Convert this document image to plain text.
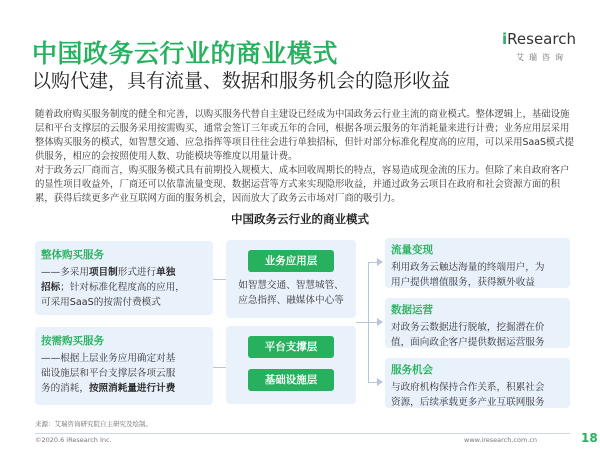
中国政务云行业的商业模式
以购代建，具有流量、数据和服务机会的隐形收益
iResearch
艾瑞咨询

随着政府购买服务制度的健全和完善，以购买服务代替自主建设已经成为中国政务云行业主流的商业模式。整体逻辑上，基础设施层和平台支撑层的云服务采用按需购买，通常会签订三年或五年的合同，根据各项云服务的年消耗量来进行计费；业务应用层采用整体购买服务的模式，如智慧交通、应急指挥等项目往往会进行单独招标，但针对部分标准化程度高的应用，可以采用SaaS模式提供服务，相应的会按照使用人数、功能模块等维度以用量计费。

对于政务云厂商而言，购买服务模式具有前期投入规模大、成本回收周期长的特点，容易造成现金流的压力。但除了来自政府客户的显性项目收益外，厂商还可以依靠流量变现、数据运营等方式来实现隐形收益，并通过政务云项目在政府和社会资源方面的积累，获得后续更多产业互联网方面的服务机会，因而放大了政务云市场对厂商的吸引力。

中国政务云行业的商业模式
整体购买服务
——多采用项目制形式进行单独
招标；针对标准化程度高的应用，
可采用SaaS的按需付费模式
按需购买服务
——根据上层业务应用确定对基
础设施层和平台支撑层各项云服
务的消耗，按照消耗量进行计费
业务应用层
如智慧交通、智慧城管、
应急指挥、融媒体中心等
平台支撑层
基础设施层
流量变现
利用政务云触达海量的终端用户，为
用户提供增值服务，获得额外收益
数据运营
对政务云数据进行脱敏，挖掘潜在价
值，面向政企客户提供数据运营服务
服务机会
与政府机构保持合作关系，积累社会
资源，后续承载更多产业互联网服务
来源：艾瑞咨询研究院自主研究及绘制。
©2020.6 iResearch Inc.	www.iresearch.com.cn	18
